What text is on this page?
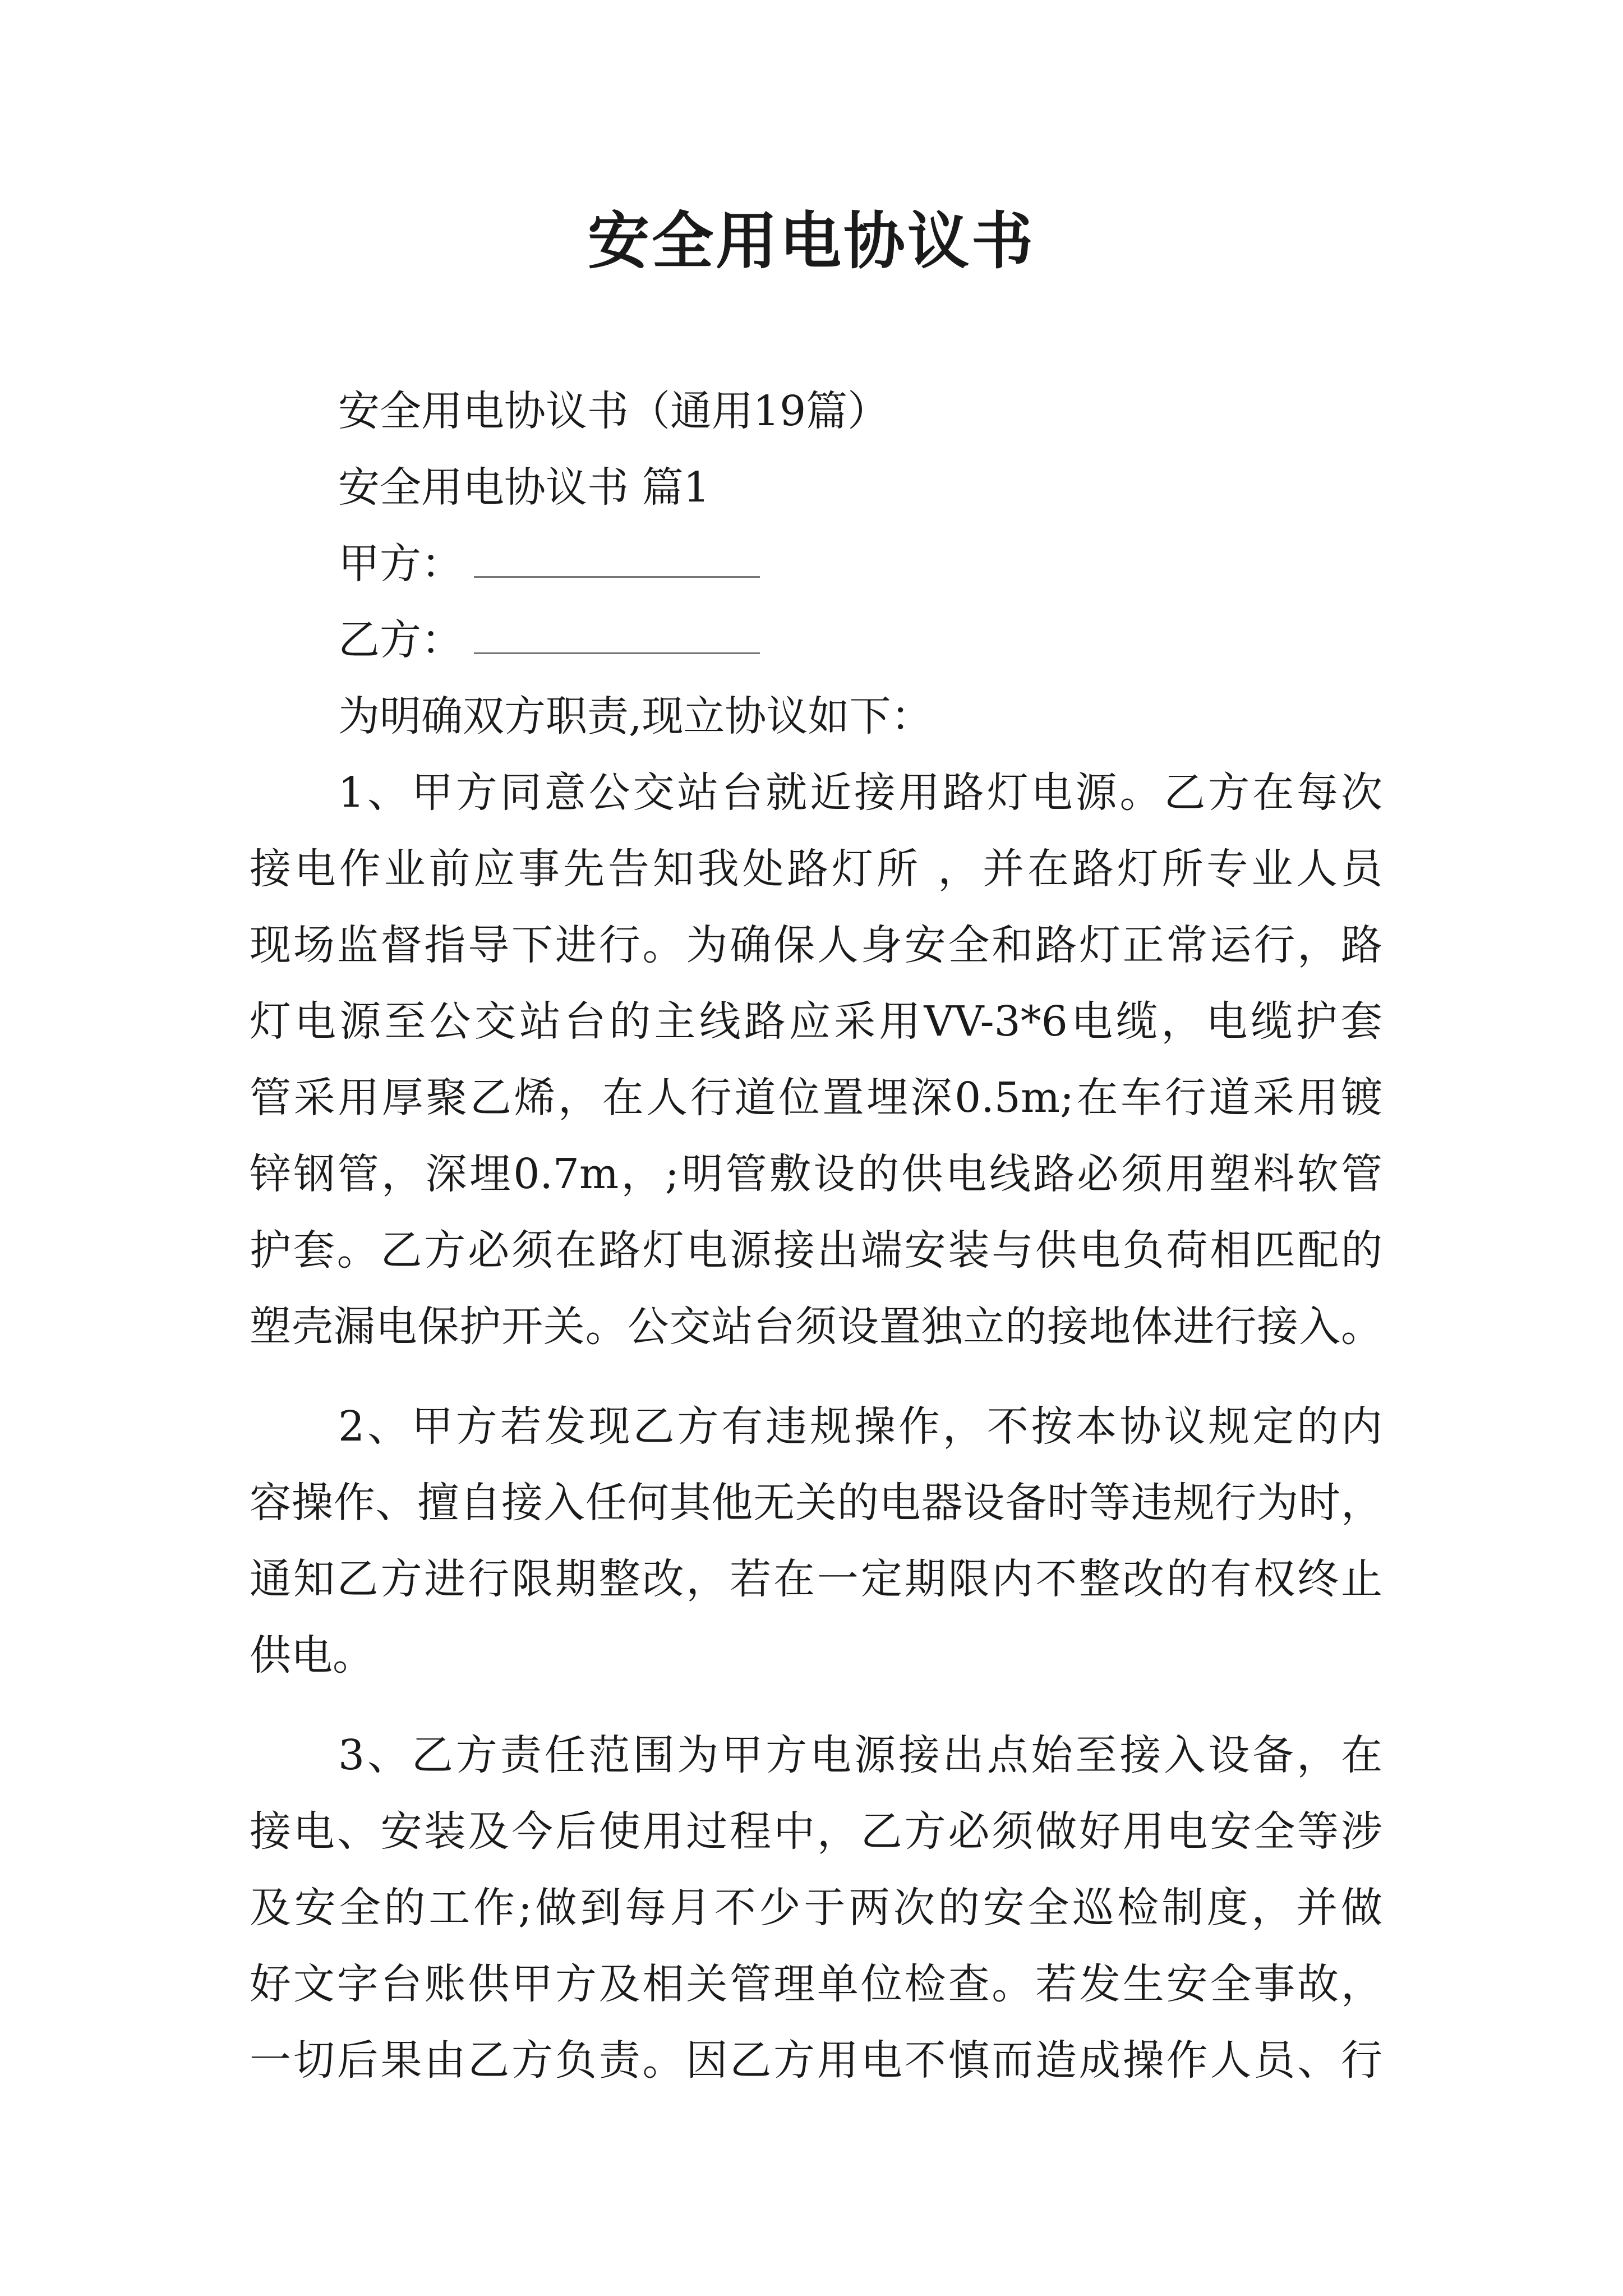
安全用电协议书
安全用电协议书（通用19篇）
安全用电协议书 篇1
甲方：
乙方：
为明确双方职责,现立协议如下：
1、甲方同意公交站台就近接用路灯电源。乙方在每次
接电作业前应事先告知我处路灯所 ，并在路灯所专业人员
现场监督指导下进行。为确保人身安全和路灯正常运行，路
灯电源至公交站台的主线路应采用VV-3*6电缆，电缆护套
管采用厚聚乙烯，在人行道位置埋深0.5m;在车行道采用镀
锌钢管，深埋0.7m，;明管敷设的供电线路必须用塑料软管
护套。乙方必须在路灯电源接出端安装与供电负荷相匹配的
塑壳漏电保护开关。公交站台须设置独立的接地体进行接入。
2、甲方若发现乙方有违规操作，不按本协议规定的内
容操作、擅自接入任何其他无关的电器设备时等违规行为时，
通知乙方进行限期整改，若在一定期限内不整改的有权终止
供电。
3、乙方责任范围为甲方电源接出点始至接入设备，在
接电、安装及今后使用过程中，乙方必须做好用电安全等涉
及安全的工作;做到每月不少于两次的安全巡检制度，并做
好文字台账供甲方及相关管理单位检查。若发生安全事故，
一切后果由乙方负责。因乙方用电不慎而造成操作人员、行
